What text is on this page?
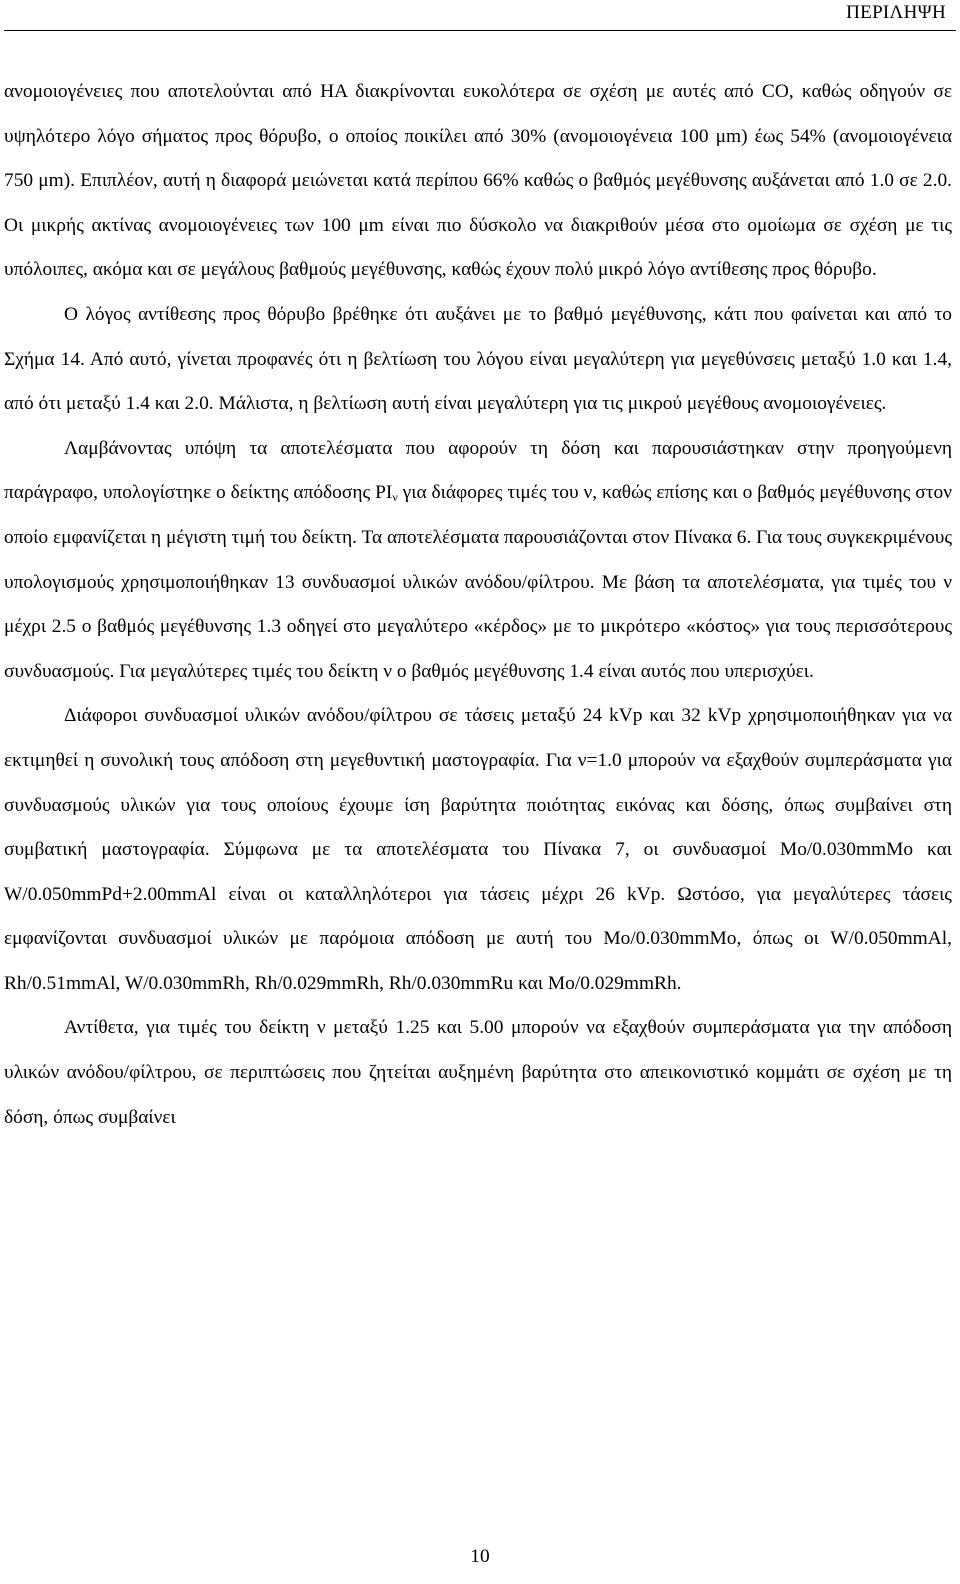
ΠΕΡΙΛΗΨΗ

ανομοιογένειες που αποτελούνται από ΗΑ διακρίνονται ευκολότερα σε σχέση με αυτές από CO, καθώς οδηγούν σε υψηλότερο λόγο σήματος προς θόρυβο, ο οποίος ποικίλει από 30% (ανομοιογένεια 100 μm) έως 54% (ανομοιογένεια 750 μm). Επιπλέον, αυτή η διαφορά μειώνεται κατά περίπου 66% καθώς ο βαθμός μεγέθυνσης αυξάνεται από 1.0 σε 2.0. Οι μικρής ακτίνας ανομοιογένειες των 100 μm είναι πιο δύσκολο να διακριθούν μέσα στο ομοίωμα σε σχέση με τις υπόλοιπες, ακόμα και σε μεγάλους βαθμούς μεγέθυνσης, καθώς έχουν πολύ μικρό λόγο αντίθεσης προς θόρυβο.

Ο λόγος αντίθεσης προς θόρυβο βρέθηκε ότι αυξάνει με το βαθμό μεγέθυνσης, κάτι που φαίνεται και από το Σχήμα 14. Από αυτό, γίνεται προφανές ότι η βελτίωση του λόγου είναι μεγαλύτερη για μεγεθύνσεις μεταξύ 1.0 και 1.4, από ότι μεταξύ 1.4 και 2.0. Μάλιστα, η βελτίωση αυτή είναι μεγαλύτερη για τις μικρού μεγέθους ανομοιογένειες.

Λαμβάνοντας υπόψη τα αποτελέσματα που αφορούν τη δόση και παρουσιάστηκαν στην προηγούμενη παράγραφο, υπολογίστηκε ο δείκτης απόδοσης $PI_\nu$ για διάφορες τιμές του ν, καθώς επίσης και ο βαθμός μεγέθυνσης στον οποίο εμφανίζεται η μέγιστη τιμή του δείκτη. Τα αποτελέσματα παρουσιάζονται στον Πίνακα 6. Για τους συγκεκριμένους υπολογισμούς χρησιμοποιήθηκαν 13 συνδυασμοί υλικών ανόδου/φίλτρου. Με βάση τα αποτελέσματα, για τιμές του ν μέχρι 2.5 ο βαθμός μεγέθυνσης 1.3 οδηγεί στο μεγαλύτερο «κέρδος» με το μικρότερο «κόστος» για τους περισσότερους συνδυασμούς. Για μεγαλύτερες τιμές του δείκτη ν ο βαθμός μεγέθυνσης 1.4 είναι αυτός που υπερισχύει.

Διάφοροι συνδυασμοί υλικών ανόδου/φίλτρου σε τάσεις μεταξύ 24 kVp και 32 kVp χρησιμοποιήθηκαν για να εκτιμηθεί η συνολική τους απόδοση στη μεγεθυντική μαστογραφία. Για ν=1.0 μπορούν να εξαχθούν συμπεράσματα για συνδυασμούς υλικών για τους οποίους έχουμε ίση βαρύτητα ποιότητας εικόνας και δόσης, όπως συμβαίνει στη συμβατική μαστογραφία. Σύμφωνα με τα αποτελέσματα του Πίνακα 7, οι συνδυασμοί Mo/0.030mmMo και W/0.050mmPd+2.00mmAl είναι οι καταλληλότεροι για τάσεις μέχρι 26 kVp. Ωστόσο, για μεγαλύτερες τάσεις εμφανίζονται συνδυασμοί υλικών με παρόμοια απόδοση με αυτή του Mo/0.030mmMo, όπως οι W/0.050mmAl, Rh/0.51mmAl, W/0.030mmRh, Rh/0.029mmRh, Rh/0.030mmRu και Mo/0.029mmRh.

Αντίθετα, για τιμές του δείκτη ν μεταξύ 1.25 και 5.00 μπορούν να εξαχθούν συμπεράσματα για την απόδοση υλικών ανόδου/φίλτρου, σε περιπτώσεις που ζητείται αυξημένη βαρύτητα στο απεικονιστικό κομμάτι σε σχέση με τη δόση, όπως συμβαίνει

10
